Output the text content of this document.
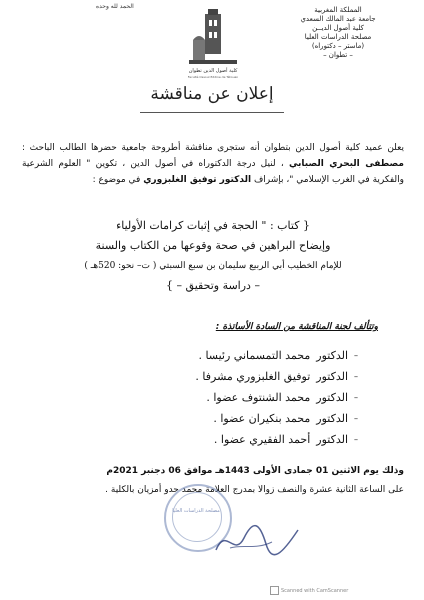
الحمد لله وحده
كلية أصول الدين تطوان
Faculté Ossoul Eddine de Tétouan
المملكة المغربية
جامعة عبد المالك السعدي
كلية أصول الديــن
مصلحة الدراسات العليا
(ماستر – دكتوراه)
– تطوان –
إعلان عن مناقشة
يعلن عميد كلية أصول الدين بتطوان أنه ستجرى مناقشة أطروحة جامعية حضرها الطالب الباحث : مصطفى البحري الصبابي ، لنيل درجة الدكتوراه في أصول الدين ، تكوين " العلوم الشرعية والفكرية في الغرب الإسلامي "، بإشراف الدكتور توفيق الغلبزوري في موضوع :
{ كتاب : " الحجة في إثبات كرامات الأولياء
وإيضاح البراهين في صحة وقوعها من الكتاب والسنة
للإمام الخطيب أبي الربيع سليمان بن سبع السبتي ( ت– نحو: 520هـ )
– دراسة وتحقيق – }
وتتألف لجنة المناقشة من السادة الأساتذة :
–
الدكتور
محمد التمسماني رئيسا .
–
الدكتور
توفيق الغلبزوري مشرفا .
–
الدكتور
محمد الشنتوف عضوا .
–
الدكتور
محمد بنكيران عضوا .
–
الدكتور
أحمد الفقيري عضوا .
وذلك يوم الاثنين 01 جمادى الأولى 1443هـ موافق 06 دجنبر 2021م
على الساعة الثانية عشرة والنصف زوالا بمدرج العلامة محمد حدو أمزيان بالكلية .
مصلحة الدراسات العليا
Scanned with CamScanner
